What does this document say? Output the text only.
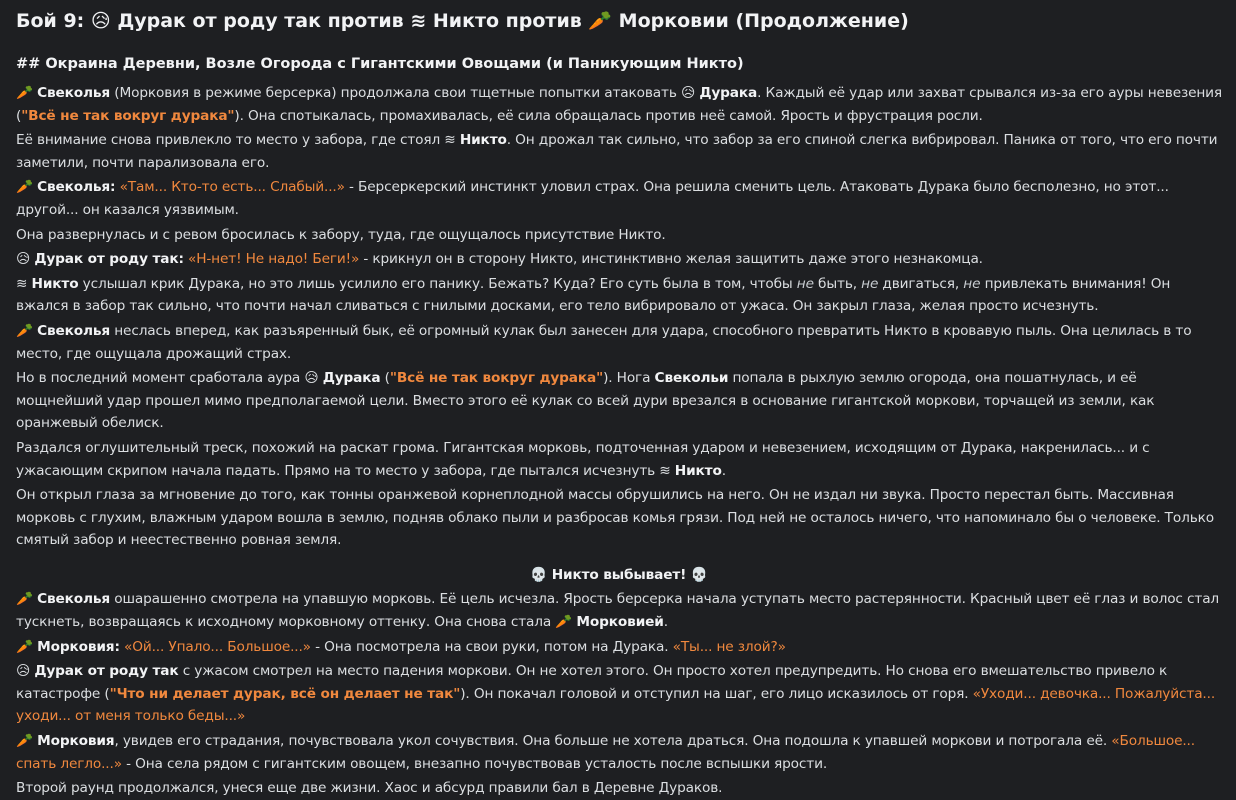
Бой 9: 😥 Дурак от роду так против ≋ Никто против 🥕 Морковии (Продолжение)
## Окраина Деревни, Возле Огорода с Гигантскими Овощами (и Паникующим Никто)

🥕 Свеколья (Морковия в режиме берсерка) продолжала свои тщетные попытки атаковать 😥 Дурака. Каждый её удар или захват срывался из-за его ауры невезения ("Всё не так вокруг дурака"). Она спотыкалась, промахивалась, её сила обращалась против неё самой. Ярость и фрустрация росли.

Её внимание снова привлекло то место у забора, где стоял ≋ Никто. Он дрожал так сильно, что забор за его спиной слегка вибрировал. Паника от того, что его почти заметили, почти парализовала его.

🥕 Свеколья: «Там... Кто-то есть... Слабый...» - Берсеркерский инстинкт уловил страх. Она решила сменить цель. Атаковать Дурака было бесполезно, но этот... другой... он казался уязвимым.

Она развернулась и с ревом бросилась к забору, туда, где ощущалось присутствие Никто.

😥 Дурак от роду так: «Н-нет! Не надо! Беги!» - крикнул он в сторону Никто, инстинктивно желая защитить даже этого незнакомца.

≋ Никто услышал крик Дурака, но это лишь усилило его панику. Бежать? Куда? Его суть была в том, чтобы не быть, не двигаться, не привлекать внимания! Он вжался в забор так сильно, что почти начал сливаться с гнилыми досками, его тело вибрировало от ужаса. Он закрыл глаза, желая просто исчезнуть.

🥕 Свеколья неслась вперед, как разъяренный бык, её огромный кулак был занесен для удара, способного превратить Никто в кровавую пыль. Она целилась в то место, где ощущала дрожащий страх.

Но в последний момент сработала аура 😥 Дурака ("Всё не так вокруг дурака"). Нога Свекольи попала в рыхлую землю огорода, она пошатнулась, и её мощнейший удар прошел мимо предполагаемой цели. Вместо этого её кулак со всей дури врезался в основание гигантской моркови, торчащей из земли, как оранжевый обелиск.

Раздался оглушительный треск, похожий на раскат грома. Гигантская морковь, подточенная ударом и невезением, исходящим от Дурака, накренилась... и с ужасающим скрипом начала падать. Прямо на то место у забора, где пытался исчезнуть ≋ Никто.

Он открыл глаза за мгновение до того, как тонны оранжевой корнеплодной массы обрушились на него. Он не издал ни звука. Просто перестал быть. Массивная морковь с глухим, влажным ударом вошла в землю, подняв облако пыли и разбросав комья грязи. Под ней не осталось ничего, что напоминало бы о человеке. Только смятый забор и неестественно ровная земля.

💀 Никто выбывает! 💀

🥕 Свеколья ошарашенно смотрела на упавшую морковь. Её цель исчезла. Ярость берсерка начала уступать место растерянности. Красный цвет её глаз и волос стал тускнеть, возвращаясь к исходному морковному оттенку. Она снова стала 🥕 Морковией.

🥕 Морковия: «Ой... Упало... Большое...» - Она посмотрела на свои руки, потом на Дурака. «Ты... не злой?»

😥 Дурак от роду так с ужасом смотрел на место падения моркови. Он не хотел этого. Он просто хотел предупредить. Но снова его вмешательство привело к катастрофе ("Что ни делает дурак, всё он делает не так"). Он покачал головой и отступил на шаг, его лицо исказилось от горя. «Уходи... девочка... Пожалуйста... уходи... от меня только беды...»

🥕 Морковия, увидев его страдания, почувствовала укол сочувствия. Она больше не хотела драться. Она подошла к упавшей моркови и потрогала её. «Большое... спать легло...» - Она села рядом с гигантским овощем, внезапно почувствовав усталость после вспышки ярости.

Второй раунд продолжался, унеся еще две жизни. Хаос и абсурд правили бал в Деревне Дураков.
